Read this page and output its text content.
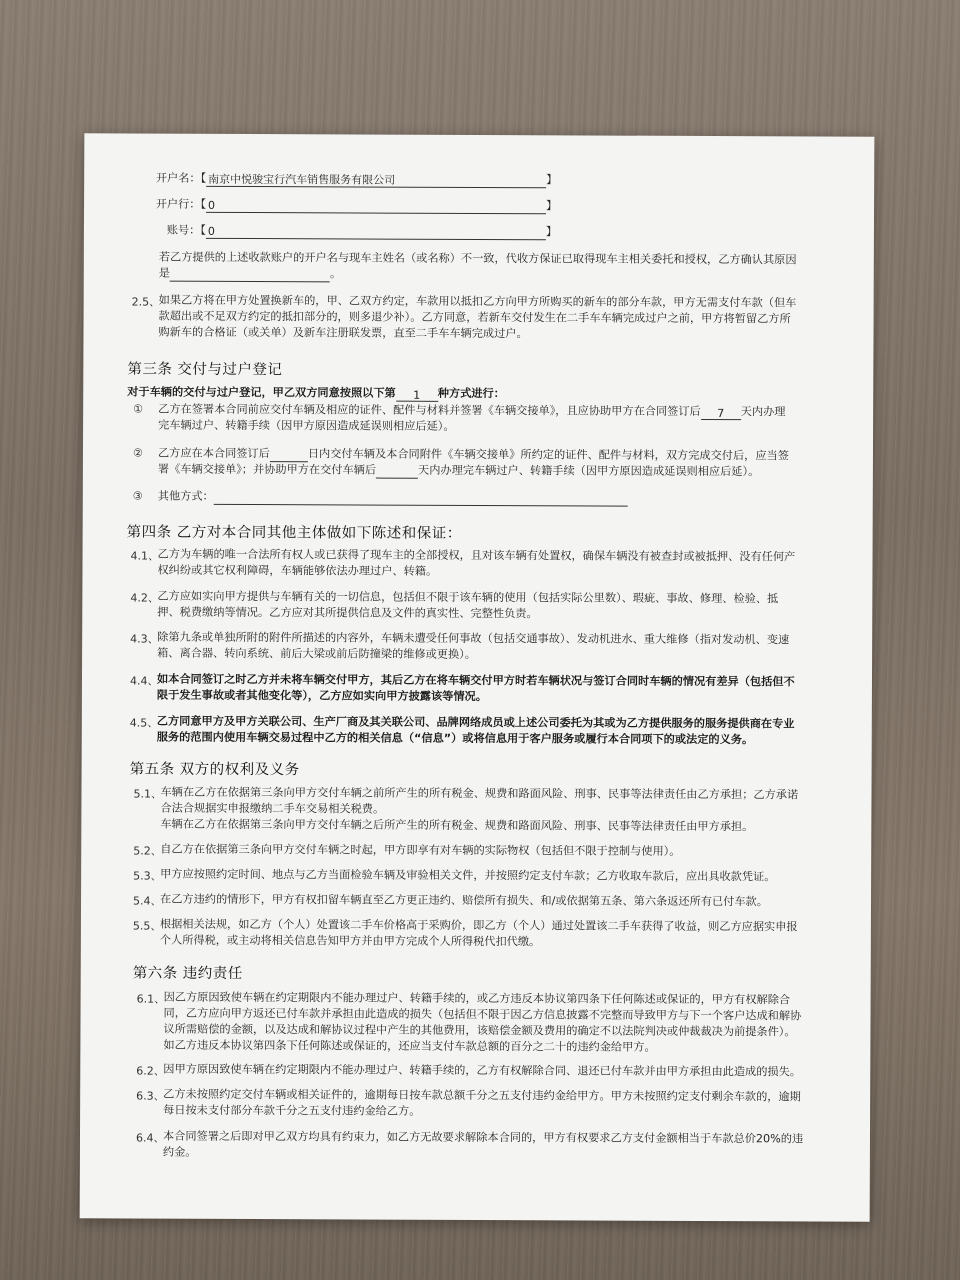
开户名：【 南京中悦骏宝行汽车销售服务有限公司	】
开户行：【 0	】
账号：【 0	】
若乙方提供的上述收款账户的开户名与现车主姓名（或名称）不一致，代收方保证已取得现车主相关委托和授权，乙方确认其原因
是	。
2.5、
如果乙方将在甲方处置换新车的，甲、乙双方约定，车款用以抵扣乙方向甲方所购买的新车的部分车款，甲方无需支付车款（但车
款超出或不足双方约定的抵扣部分的，则多退少补）。乙方同意，若新车交付发生在二手车车辆完成过户之前，甲方将暂留乙方所
购新车的合格证（或关单）及新车注册联发票，直至二手车车辆完成过户。
第三条 交付与过户登记
对于车辆的交付与过户登记，甲乙双方同意按照以下第 1 种方式进行：
① 乙方在签署本合同前应交付车辆及相应的证件、配件与材料并签署《车辆交接单》，且应协助甲方在合同签订后 7 天内办理
完车辆过户、转籍手续（因甲方原因造成延误则相应后延）。
② 乙方应在本合同签订后	日内交付车辆及本合同附件《车辆交接单》所约定的证件、配件与材料，双方完成交付后，应当签
署《车辆交接单》；并协助甲方在交付车辆后	天内办理完车辆过户、转籍手续（因甲方原因造成延误则相应后延）。
③ 其他方式：
第四条 乙方对本合同其他主体做如下陈述和保证：
4.1、
乙方为车辆的唯一合法所有权人或已获得了现车主的全部授权，且对该车辆有处置权，确保车辆没有被查封或被抵押、没有任何产
权纠纷或其它权利障碍，车辆能够依法办理过户、转籍。
4.2、
乙方应如实向甲方提供与车辆有关的一切信息，包括但不限于该车辆的使用（包括实际公里数）、瑕疵、事故、修理、检验、抵
押、税费缴纳等情况。乙方应对其所提供信息及文件的真实性、完整性负责。
4.3、
除第九条或单独所附的附件所描述的内容外，车辆未遭受任何事故（包括交通事故）、发动机进水、重大维修（指对发动机、变速
箱、离合器、转向系统、前后大梁或前后防撞梁的维修或更换）。
4.4、
如本合同签订之时乙方并未将车辆交付甲方，其后乙方在将车辆交付甲方时若车辆状况与签订合同时车辆的情况有差异（包括但不
限于发生事故或者其他变化等），乙方应如实向甲方披露该等情况。
4.5、
乙方同意甲方及甲方关联公司、生产厂商及其关联公司、品牌网络成员或上述公司委托为其或为乙方提供服务的服务提供商在专业
服务的范围内使用车辆交易过程中乙方的相关信息（“信息”）或将信息用于客户服务或履行本合同项下的或法定的义务。
第五条 双方的权利及义务
5.1、
车辆在乙方在依据第三条向甲方交付车辆之前所产生的所有税金、规费和路面风险、刑事、民事等法律责任由乙方承担；乙方承诺
合法合规据实申报缴纳二手车交易相关税费。
车辆在乙方在依据第三条向甲方交付车辆之后所产生的所有税金、规费和路面风险、刑事、民事等法律责任由甲方承担。
5.2、
自乙方在依据第三条向甲方交付车辆之时起，甲方即享有对车辆的实际物权（包括但不限于控制与使用）。
5.3、
甲方应按照约定时间、地点与乙方当面检验车辆及审验相关文件，并按照约定支付车款；乙方收取车款后，应出具收款凭证。
5.4、
在乙方违约的情形下，甲方有权扣留车辆直至乙方更正违约、赔偿所有损失、和/或依据第五条、第六条返还所有已付车款。
5.5、
根据相关法规，如乙方（个人）处置该二手车价格高于采购价，即乙方（个人）通过处置该二手车获得了收益，则乙方应据实申报
个人所得税，或主动将相关信息告知甲方并由甲方完成个人所得税代扣代缴。
第六条 违约责任
6.1、
因乙方原因致使车辆在约定期限内不能办理过户、转籍手续的，或乙方违反本协议第四条下任何陈述或保证的，甲方有权解除合
同，乙方应向甲方返还已付车款并承担由此造成的损失（包括但不限于因乙方信息披露不完整而导致甲方与下一个客户达成和解协
议所需赔偿的金额，以及达成和解协议过程中产生的其他费用，该赔偿金额及费用的确定不以法院判决或仲裁裁决为前提条件）。
如乙方违反本协议第四条下任何陈述或保证的，还应当支付车款总额的百分之二十的违约金给甲方。
6.2、
因甲方原因致使车辆在约定期限内不能办理过户、转籍手续的，乙方有权解除合同、退还已付车款并由甲方承担由此造成的损失。
6.3、
乙方未按照约定交付车辆或相关证件的，逾期每日按车款总额千分之五支付违约金给甲方。甲方未按照约定支付剩余车款的，逾期
每日按未支付部分车款千分之五支付违约金给乙方。
6.4、
本合同签署之后即对甲乙双方均具有约束力，如乙方无故要求解除本合同的，甲方有权要求乙方支付金额相当于车款总价20%的违
约金。
